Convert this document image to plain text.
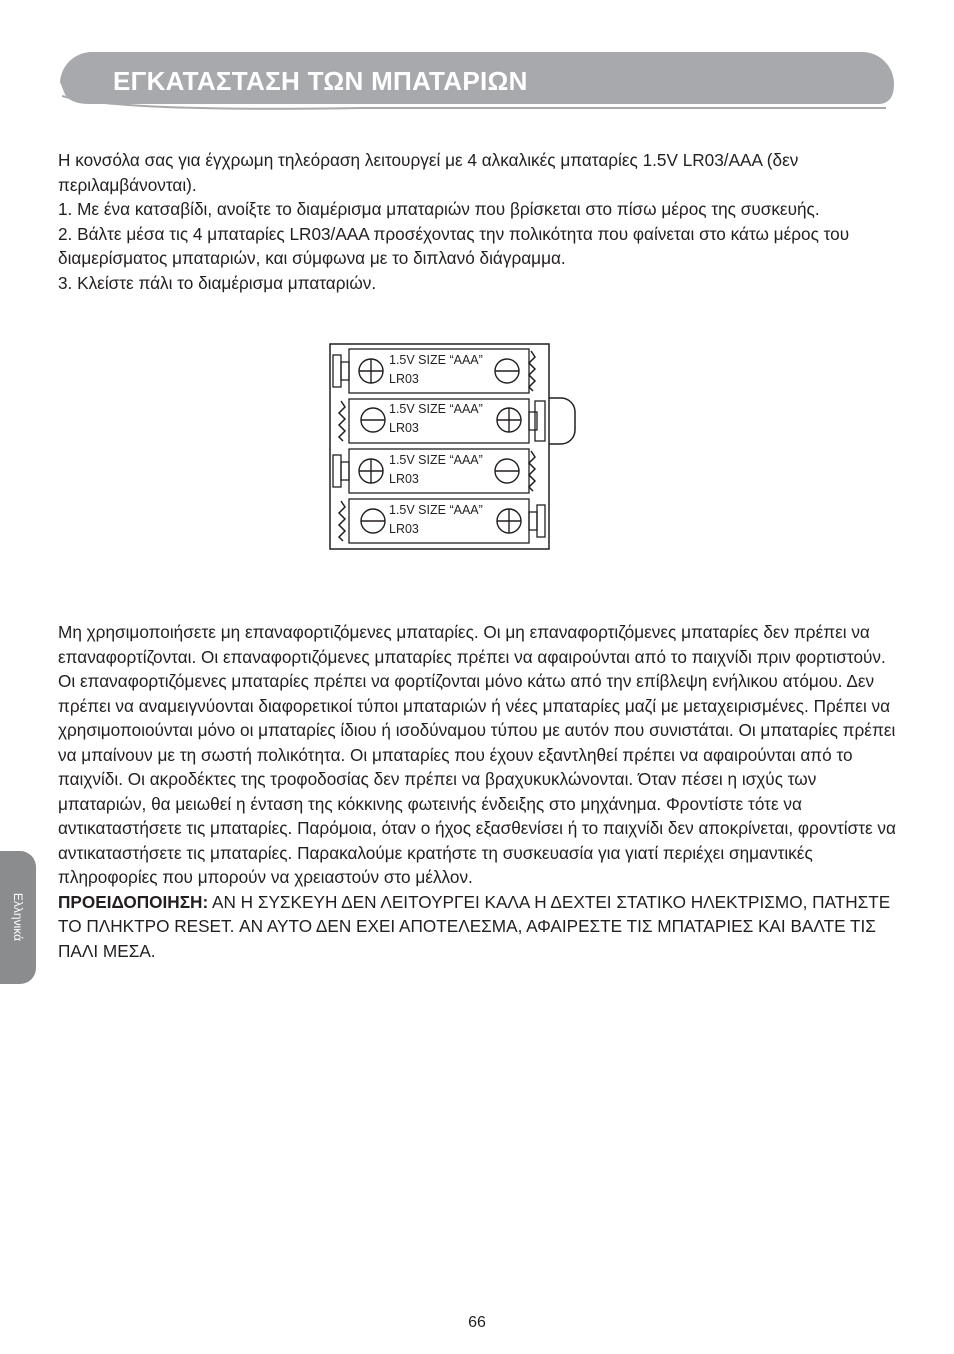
ΕΓΚΑΤΑΣΤΑΣΗ ΤΩΝ ΜΠΑΤΑΡΙΩΝ

Η κονσόλα σας για έγχρωμη τηλεόραση λειτουργεί με 4 αλκαλικές μπαταρίες 1.5V LR03/AAA (δεν περιλαμβάνονται).

1. Με ένα κατσαβίδι, ανοίξτε το διαμέρισμα μπαταριών που βρίσκεται στο πίσω μέρος της συσκευής.

2. Βάλτε μέσα τις 4 μπαταρίες LR03/AAA προσέχοντας την πολικότητα που φαίνεται στο κάτω μέρος του διαμερίσματος μπαταριών, και σύμφωνα με το διπλανό διάγραμμα.

3. Κλείστε πάλι το διαμέρισμα μπαταριών.

1.5V SIZE “AAA”
LR03
1.5V SIZE “AAA”
LR03
1.5V SIZE “AAA”
LR03
1.5V SIZE “AAA”
LR03

Μη χρησιμοποιήσετε μη επαναφορτιζόμενες μπαταρίες. Οι μη επαναφορτιζόμενες μπαταρίες δεν πρέπει να επαναφορτίζονται. Οι επαναφορτιζόμενες μπαταρίες πρέπει να αφαιρούνται από το παιχνίδι πριν φορτιστούν. Οι επαναφορτιζόμενες μπαταρίες πρέπει να φορτίζονται μόνο κάτω από την επίβλεψη ενήλικου ατόμου. Δεν πρέπει να αναμειγνύονται διαφορετικοί τύποι μπαταριών ή νέες μπαταρίες μαζί με μεταχειρισμένες. Πρέπει να χρησιμοποιούνται μόνο οι μπαταρίες ίδιου ή ισοδύναμου τύπου με αυτόν που συνιστάται. Οι μπαταρίες πρέπει να μπαίνουν με τη σωστή πολικότητα. Οι μπαταρίες που έχουν εξαντληθεί πρέπει να αφαιρούνται από το παιχνίδι. Οι ακροδέκτες της τροφοδοσίας δεν πρέπει να βραχυκυκλώνονται. Όταν πέσει η ισχύς των μπαταριών, θα μειωθεί η ένταση της κόκκινης φωτεινής ένδειξης στο μηχάνημα. Φροντίστε τότε να αντικαταστήσετε τις μπαταρίες. Παρόμοια, όταν ο ήχος εξασθενίσει ή το παιχνίδι δεν αποκρίνεται, φροντίστε να αντικαταστήσετε τις μπαταρίες. Παρακαλούμε κρατήστε τη συσκευασία για γιατί περιέχει σημαντικές πληροφορίες που μπορούν να χρειαστούν στο μέλλον.

ΠΡΟΕΙΔΟΠΟΙΗΣΗ: ΑΝ Η ΣΥΣΚΕΥΗ ΔΕΝ ΛΕΙΤΟΥΡΓΕΙ ΚΑΛΑ Η ΔΕΧΤΕΙ ΣΤΑΤΙΚΟ ΗΛΕΚΤΡΙΣΜΟ, ΠΑΤΗΣΤΕ ΤΟ ΠΛΗΚΤΡΟ RESET. ΑΝ ΑΥΤΟ ΔΕΝ ΕΧΕΙ ΑΠΟΤΕΛΕΣΜΑ, ΑΦΑΙΡΕΣΤΕ ΤΙΣ ΜΠΑΤΑΡΙΕΣ ΚΑΙ ΒΑΛΤΕ ΤΙΣ ΠΑΛΙ ΜΕΣΑ.

Ελληνικά
66
